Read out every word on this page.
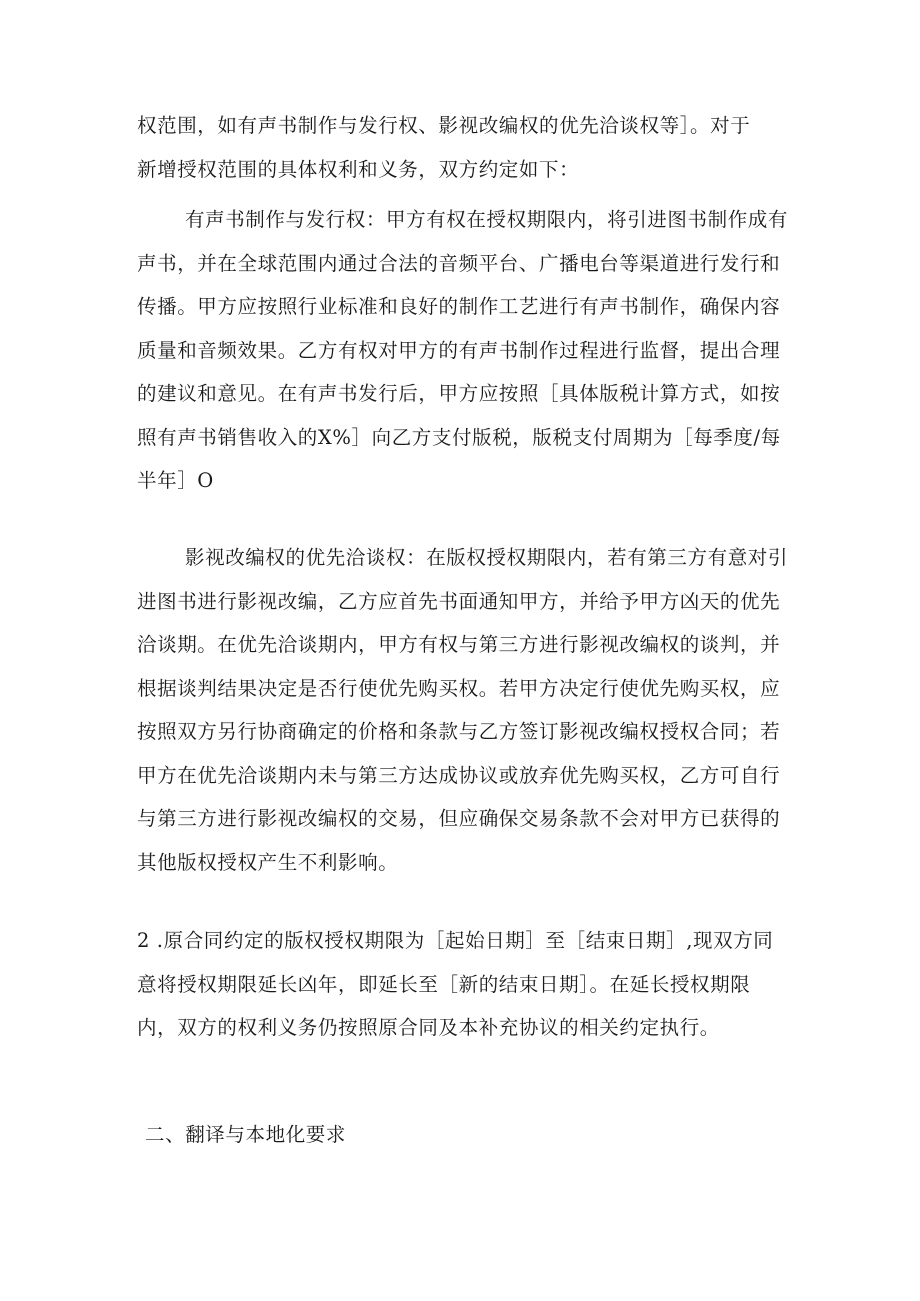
权范围，如有声书制作与发行权、影视改编权的优先洽谈权等］。对于
新增授权范围的具体权利和义务，双方约定如下：
有声书制作与发行权：甲方有权在授权期限内，将引进图书制作成有
声书，并在全球范围内通过合法的音频平台、广播电台等渠道进行发行和
传播。甲方应按照行业标准和良好的制作工艺进行有声书制作，确保内容
质量和音频效果。乙方有权对甲方的有声书制作过程进行监督，提出合理
的建议和意见。在有声书发行后，甲方应按照［具体版税计算方式，如按
照有声书销售收入的X%］向乙方支付版税，版税支付周期为［每季度/每
半年］O
影视改编权的优先洽谈权：在版权授权期限内，若有第三方有意对引
进图书进行影视改编，乙方应首先书面通知甲方，并给予甲方凶天的优先
洽谈期。在优先洽谈期内，甲方有权与第三方进行影视改编权的谈判，并
根据谈判结果决定是否行使优先购买权。若甲方决定行使优先购买权，应
按照双方另行协商确定的价格和条款与乙方签订影视改编权授权合同；若
甲方在优先洽谈期内未与第三方达成协议或放弃优先购买权，乙方可自行
与第三方进行影视改编权的交易，但应确保交易条款不会对甲方已获得的
其他版权授权产生不利影响。
2 .原合同约定的版权授权期限为［起始日期］至［结束日期］,现双方同
意将授权期限延长凶年，即延长至［新的结束日期］。在延长授权期限
内，双方的权利义务仍按照原合同及本补充协议的相关约定执行。
二、翻译与本地化要求
